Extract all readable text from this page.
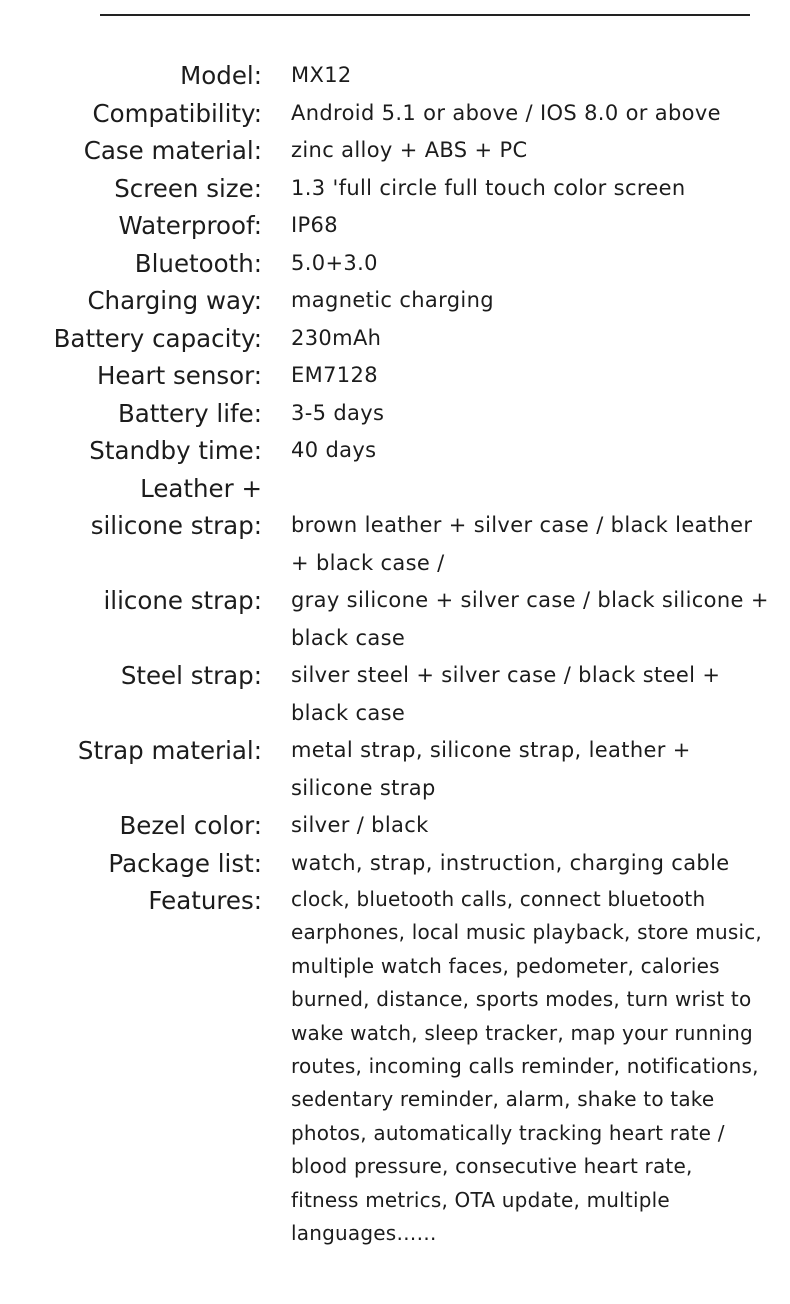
Model: MX12
Compatibility: Android 5.1 or above / IOS 8.0 or above
Case material: zinc alloy + ABS + PC
Screen size: 1.3 'full circle full touch color screen
Waterproof: IP68
Bluetooth: 5.0+3.0
Charging way: magnetic charging
Battery capacity: 230mAh
Heart sensor: EM7128
Battery life: 3-5 days
Standby time: 40 days
Leather +
silicone strap: brown leather + silver case / black leather + black case /
ilicone strap: gray silicone + silver case / black silicone + black case
Steel strap: silver steel + silver case / black steel + black case
Strap material: metal strap, silicone strap, leather + silicone strap
Bezel color: silver / black
Package list: watch, strap, instruction, charging cable
Features: clock, bluetooth calls, connect bluetooth earphones, local music playback, store music, multiple watch faces, pedometer, calories burned, distance, sports modes, turn wrist to wake watch, sleep tracker, map your running routes, incoming calls reminder, notifications, sedentary reminder, alarm, shake to take photos, automatically tracking heart rate / blood pressure, consecutive heart rate, fitness metrics, OTA update, multiple languages……
